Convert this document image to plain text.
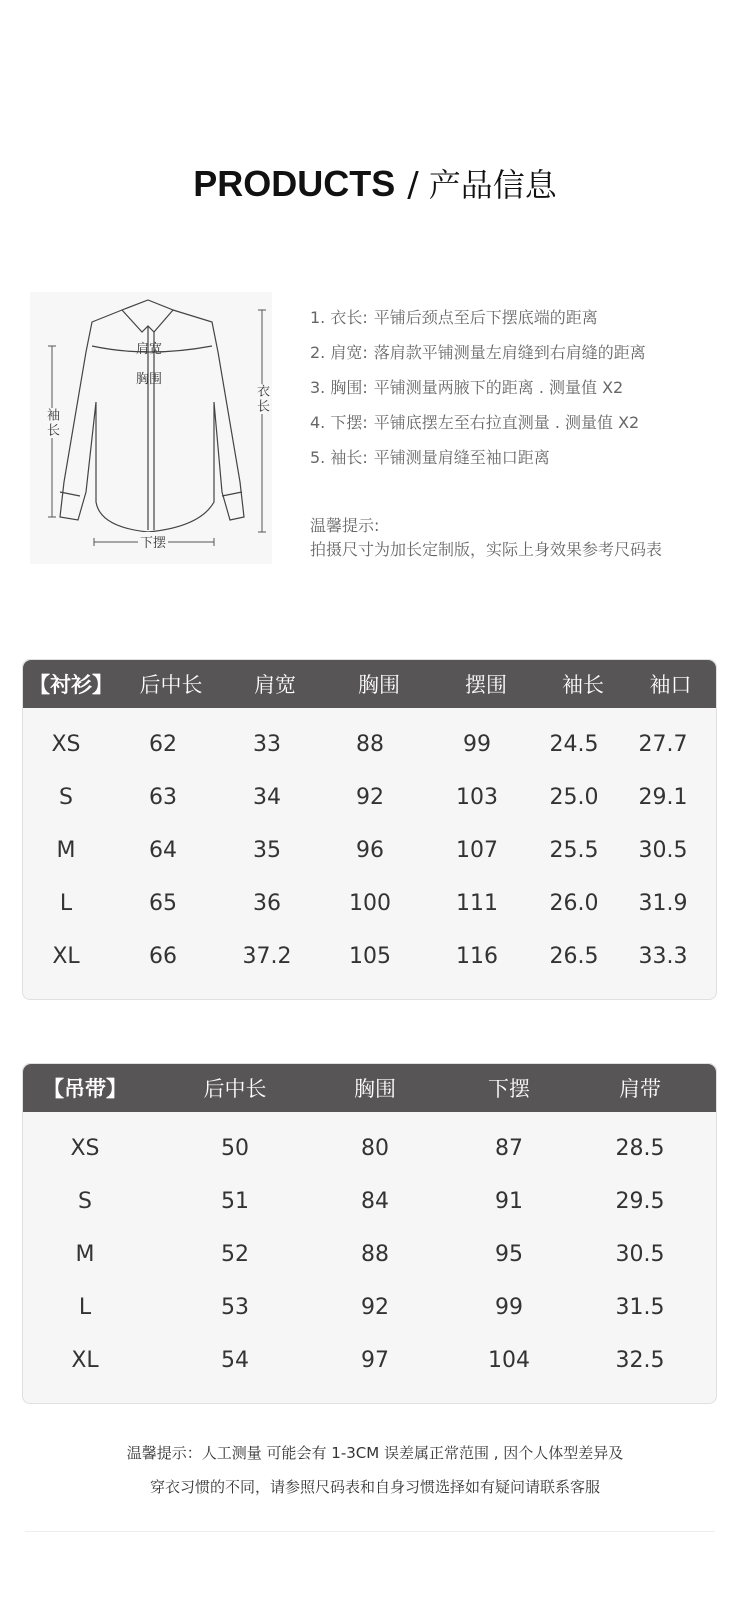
PRODUCTS / 产品信息
肩宽
胸围
袖长
衣长
下摆
1. 衣长: 平铺后颈点至后下摆底端的距离
2. 肩宽: 落肩款平铺测量左肩缝到右肩缝的距离
3. 胸围: 平铺测量两腋下的距离 . 测量值 X2
4. 下摆: 平铺底摆左至右拉直测量 . 测量值 X2
5. 袖长: 平铺测量肩缝至袖口距离
温馨提示:
拍摄尺寸为加长定制版，实际上身效果参考尺码表
【衬衫】	后中长	肩宽	胸围	摆围	袖长	袖口
XS	62	33	88	99	24.5	27.7
S	63	34	92	103	25.0	29.1
M	64	35	96	107	25.5	30.5
L	65	36	100	111	26.0	31.9
XL	66	37.2	105	116	26.5	33.3
【吊带】	后中长	胸围	下摆	肩带
XS	50	80	87	28.5
S	51	84	91	29.5
M	52	88	95	30.5
L	53	92	99	31.5
XL	54	97	104	32.5
温馨提示：人工测量 可能会有 1-3CM 误差属正常范围 , 因个人体型差异及
穿衣习惯的不同，请参照尺码表和自身习惯选择如有疑问请联系客服
